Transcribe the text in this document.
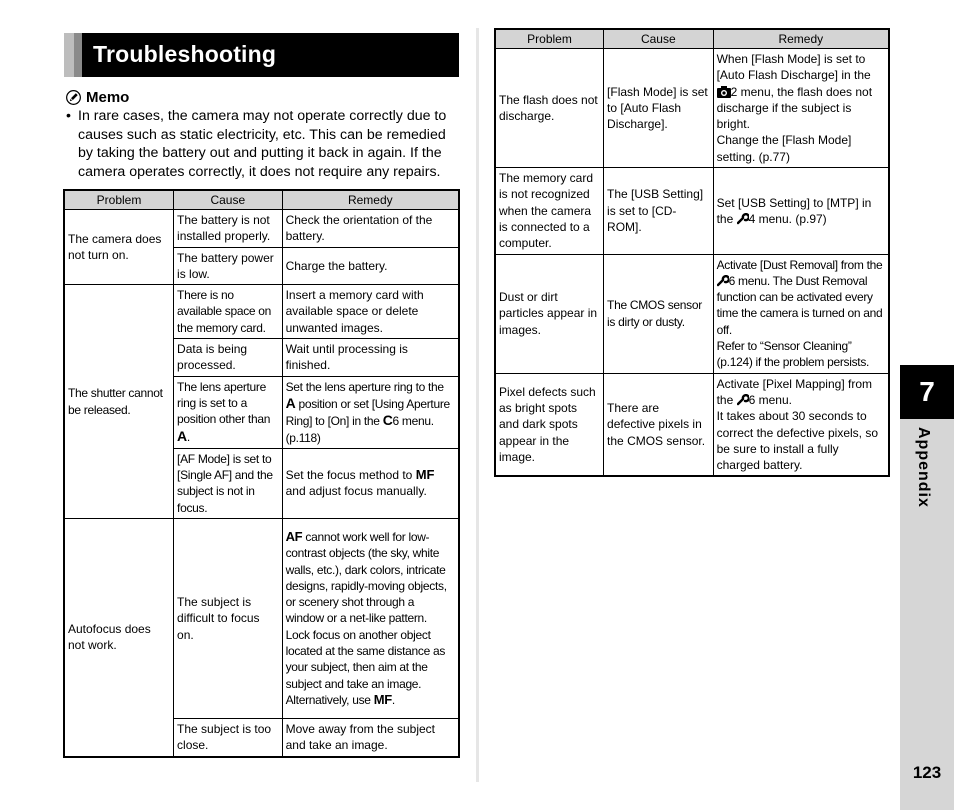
Troubleshooting
Memo
• In rare cases, the camera may not operate correctly due to causes such as static electricity, etc. This can be remedied by taking the battery out and putting it back in again. If the camera operates correctly, it does not require any repairs.
Problem	Cause	Remedy
The camera does not turn on.	The battery is not installed properly.	Check the orientation of the battery.
	The battery power is low.	Charge the battery.
The shutter cannot be released.	There is no available space on the memory card.	Insert a memory card with available space or delete unwanted images.
	Data is being processed.	Wait until processing is finished.
	The lens aperture ring is set to a position other than A.	Set the lens aperture ring to the A position or set [Using Aperture Ring] to [On] in the C6 menu. (p.118)
	[AF Mode] is set to [Single AF] and the subject is not in focus.	Set the focus method to MF and adjust focus manually.
Autofocus does not work.	The subject is difficult to focus on.	AF cannot work well for low-contrast objects (the sky, white walls, etc.), dark colors, intricate designs, rapidly-moving objects, or scenery shot through a window or a net-like pattern.
Lock focus on another object located at the same distance as your subject, then aim at the subject and take an image.
Alternatively, use MF.
	The subject is too close.	Move away from the subject and take an image.
Problem	Cause	Remedy
The flash does not discharge.	[Flash Mode] is set to [Auto Flash Discharge].	When [Flash Mode] is set to [Auto Flash Discharge] in the 2 menu, the flash does not discharge if the subject is bright.
Change the [Flash Mode] setting. (p.77)
The memory card is not recognized when the camera is connected to a computer.	The [USB Setting] is set to [CD-ROM].	Set [USB Setting] to [MTP] in the 4 menu. (p.97)
Dust or dirt particles appear in images.	The CMOS sensor is dirty or dusty.	Activate [Dust Removal] from the 6 menu. The Dust Removal function can be activated every time the camera is turned on and off.
Refer to “Sensor Cleaning” (p.124) if the problem persists.
Pixel defects such as bright spots and dark spots appear in the image.	There are defective pixels in the CMOS sensor.	Activate [Pixel Mapping] from the 6 menu.
It takes about 30 seconds to correct the defective pixels, so be sure to install a fully charged battery.
7
Appendix
123
